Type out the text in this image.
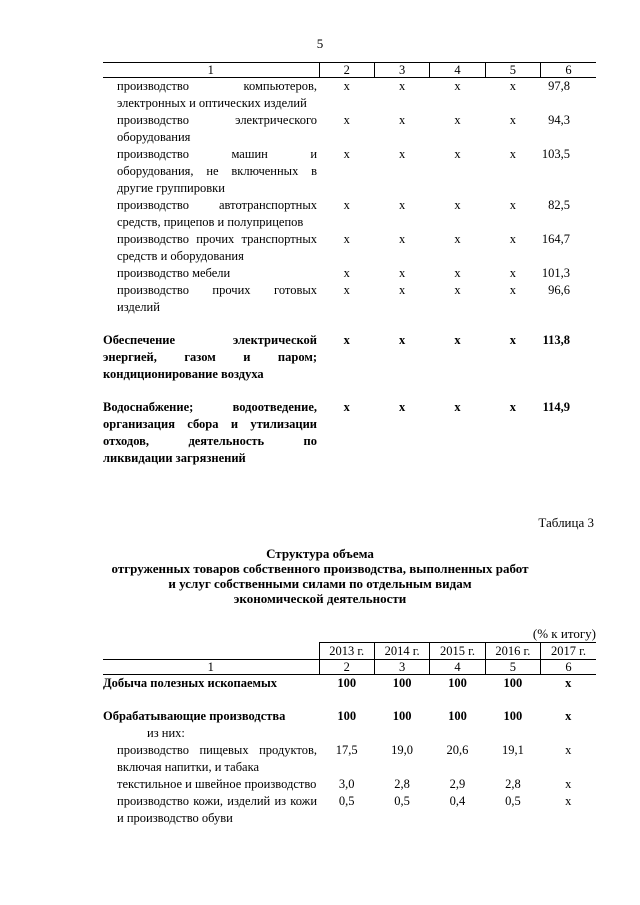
5
1	2	3	4	5	6
производство компьютеров, электронных и оптических изделий	x	x	x	x	97,8
производство электрического оборудования	x	x	x	x	94,3
производство машин и оборудования, не включенных в другие группировки	x	x	x	x	103,5
производство автотранспортных средств, прицепов и полуприцепов	x	x	x	x	82,5
производство прочих транспортных средств и оборудования	x	x	x	x	164,7
производство мебели	x	x	x	x	101,3
производство прочих готовых изделий	x	x	x	x	96,6

Обеспечение электрической энергией, газом и паром; кондиционирование воздуха	x	x	x	x	113,8

Водоснабжение; водоотведение, организация сбора и утилизации отходов, деятельность по ликвидации загрязнений	x	x	x	x	114,9
Таблица 3
Структура объема
отгруженных товаров собственного производства, выполненных работ
и услуг собственными силами по отдельным видам
экономической деятельности
(% к итогу)
	2013 г.	2014 г.	2015 г.	2016 г.	2017 г.
1	2	3	4	5	6
Добыча полезных ископаемых	100	100	100	100	x

Обрабатывающие производства	100	100	100	100	x
из них:					
производство пищевых продуктов, включая напитки, и табака	17,5	19,0	20,6	19,1	x
текстильное и швейное производство	3,0	2,8	2,9	2,8	x
производство кожи, изделий из кожи и производство обуви	0,5	0,5	0,4	0,5	x
